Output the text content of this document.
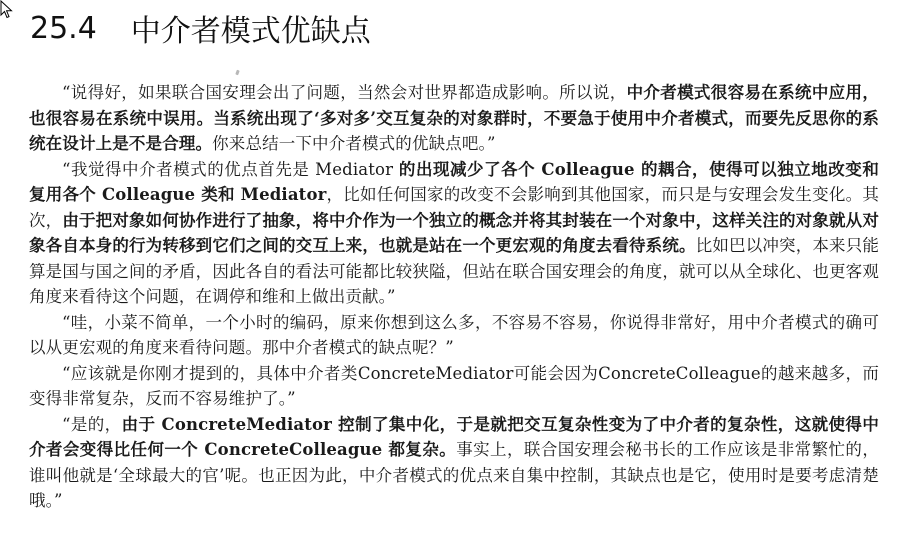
25.4 中介者模式优缺点

“说得好，如果联合国安理会出了问题，当然会对世界都造成影响。所以说，中介者模式很容易在系统中应用，也很容易在系统中误用。当系统出现了‘多对多’交互复杂的对象群时，不要急于使用中介者模式，而要先反思你的系统在设计上是不是合理。你来总结一下中介者模式的优缺点吧。”

“我觉得中介者模式的优点首先是 Mediator 的出现减少了各个 Colleague 的耦合，使得可以独立地改变和复用各个 Colleague 类和 Mediator，比如任何国家的改变不会影响到其他国家，而只是与安理会发生变化。其次，由于把对象如何协作进行了抽象，将中介作为一个独立的概念并将其封装在一个对象中，这样关注的对象就从对象各自本身的行为转移到它们之间的交互上来，也就是站在一个更宏观的角度去看待系统。比如巴以冲突，本来只能算是国与国之间的矛盾，因此各自的看法可能都比较狭隘，但站在联合国安理会的角度，就可以从全球化、也更客观角度来看待这个问题，在调停和维和上做出贡献。”

“哇，小菜不简单，一个小时的编码，原来你想到这么多，不容易不容易，你说得非常好，用中介者模式的确可以从更宏观的角度来看待问题。那中介者模式的缺点呢？”

“应该就是你刚才提到的，具体中介者类ConcreteMediator可能会因为ConcreteColleague的越来越多，而变得非常复杂，反而不容易维护了。”

“是的，由于 ConcreteMediator 控制了集中化，于是就把交互复杂性变为了中介者的复杂性，这就使得中介者会变得比任何一个 ConcreteColleague 都复杂。事实上，联合国安理会秘书长的工作应该是非常繁忙的，谁叫他就是‘全球最大的官’呢。也正因为此，中介者模式的优点来自集中控制，其缺点也是它，使用时是要考虑清楚哦。”
